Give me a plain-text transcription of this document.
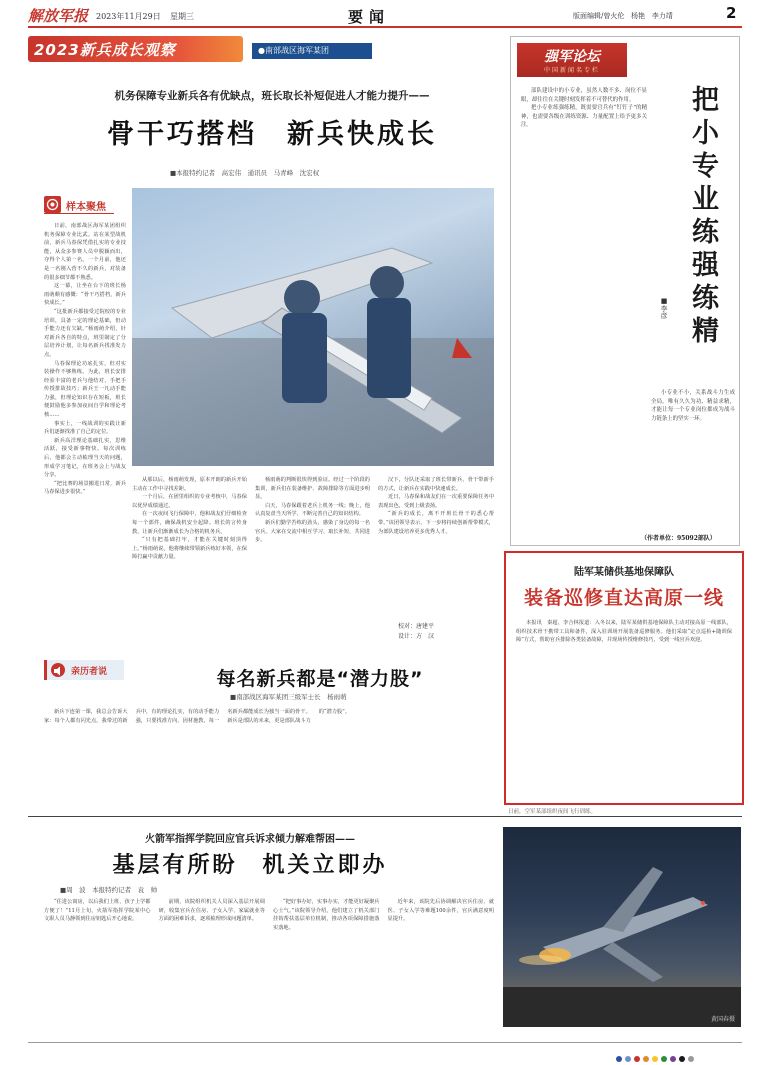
解放军报 2023年11月29日 星期三	要闻	版面编辑/曾火伦 杨艳 李力靖	2
2023新兵成长观察	●南部战区海军某团
机务保障专业新兵各有优缺点，班长取长补短促进人才能力提升——
骨干巧搭档　新兵快成长
■本报特约记者　高宏伟　通讯员　马青峰　沈宏权
样本聚焦

日前，南部战区海军某团组织机务保障专业比武。站在某型战机前，新兵马春保凭借扎实的专业技能，从众多参赛人员中脱颖而出，夺得个人第一名。一个月前，他还是一名刚入营不久的新兵，对装备的很多细节都不熟悉。

这一幕，让坐在台下的班长杨雨萌颇有感慨：“骨干巧搭档，新兵快成长。”

“这批新兵都接受过院校的专业培训，具备一定的理论基础，但动手能力还有欠缺。”杨雨萌介绍，针对新兵各自的特点，班里制定了分层培养计划，让每名新兵找准发力点。

马春保理论功底扎实，但对实装操作不够熟练。为此，班长安排经验丰富的老兵与他结对，手把手传授排故技巧；新兵王一凡动手能力强，但理论知识存在短板，班长便鼓励他多参加夜间自学和理论考核……

事实上，一线战训的实践让新兵们逐渐找准了自己的定位。

新兵高洋理论基础扎实，思维活跃，接受新事物快。每次训练后，他都会主动梳理当天的问题，形成学习笔记，在班务会上与战友分享。

“把比赛的场景搬进日常，新兵马春保进步很快。”

从那以后，杨雨萌发现，原本开朗的新兵开始主动在工作中寻找差距。

一个月后，在团里组织的专业考核中，马春保以优异成绩通过。

在一次夜间飞行保障中，他和战友们仔细检查每一个部件，确保战机安全起降。班长的言传身教，让新兵们渐渐成长为合格的机务兵。

“只有把基础打牢，才能在关键时刻顶得上。”杨雨萌说，他将继续带领新兵练好本领，在保障打赢中贡献力量。

杨雨萌的判断很快得到验证。经过一个阶段的集训，新兵们在装备维护、故障排除等方面进步明显。

白天，马春保跟着老兵上机务一线；晚上，他认真复盘当天所学，不断完善自己的知识结构。

新兵们勤学苦练的劲头，感染了身边的每一名官兵。大家在交流中相互学习、取长补短，共同进步。

汉下，分队还采取了班长带新兵、骨干带新手的方式，让新兵在实践中快速成长。

近日，马春保和战友们在一次重要保障任务中表现出色，受到上级表扬。

“新兵的成长，离不开班长骨干的悉心帮带。”该团领导表示，下一步将持续创新帮带模式，为部队建设培养更多优秀人才。

校对：唐建平
设计：方　汉
强军论坛
中国新闻名专栏
把小专业练强练精
■李彦

部队建设中的小专业，虽然人数不多、岗位不显眼，却往往在关键时刻发挥着不可替代的作用。

把小专业练强练精，既需要官兵有“钉钉子”的精神，也需要各级在训练资源、力量配置上给予更多关注。

小专业不小，关系战斗力生成全局。唯有久久为功、精益求精，才能让每一个专业岗位都成为战斗力链条上的坚实一环。

（作者单位：95092部队）
陆军某储供基地保障队
装备巡修直达高原一线
本报讯　秦超、李合林报道：入冬以来，陆军某储供基地保障队主动对接高原一线部队，组织技术骨干携带工具和备件，深入驻训场开展装备巡修服务。他们采取“定点巡检+随训保障”方式，帮助官兵排除各类装备故障，并现场传授维修技巧，受到一线官兵欢迎。
日前，空军某部组织夜间飞行训练。
亲历者说	每名新兵都是“潜力股”
■南部战区海军某团三级军士长　杨雨萌
新兵下连第一课，我总会告诉大家：每个人都有闪光点。我带过的新兵中，有的理论扎实，有的动手能力强，只要找准方向、因材施教，每一名新兵都能成长为独当一面的骨干。新兵是部队的未来，更是部队战斗力的“潜力股”。
火箭军指挥学院回应官兵诉求倾力解难帮困——
基层有所盼　机关立即办
■周　波　本报特约记者　袁　帅

“住进公寓房，以后我们上班、孩子上学都方便了！”11月上旬，火箭军指挥学院某中心文职人员马静领到住房钥匙后开心地说。

前期，该院组织机关人员深入基层开展调研，收集官兵在住房、子女入学、家属就业等方面的困难诉求，逐项梳理形成问题清单。

“把好事办好，实事办实，才能更好凝聚兵心士气。”该院领导介绍，他们建立了机关部门挂钩帮扶基层单位机制，推动各项保障措施落实落地。

近年来，该院先后协调解决官兵住房、就医、子女入学等难题100余件，官兵满意度明显提升。

黄国春摄
